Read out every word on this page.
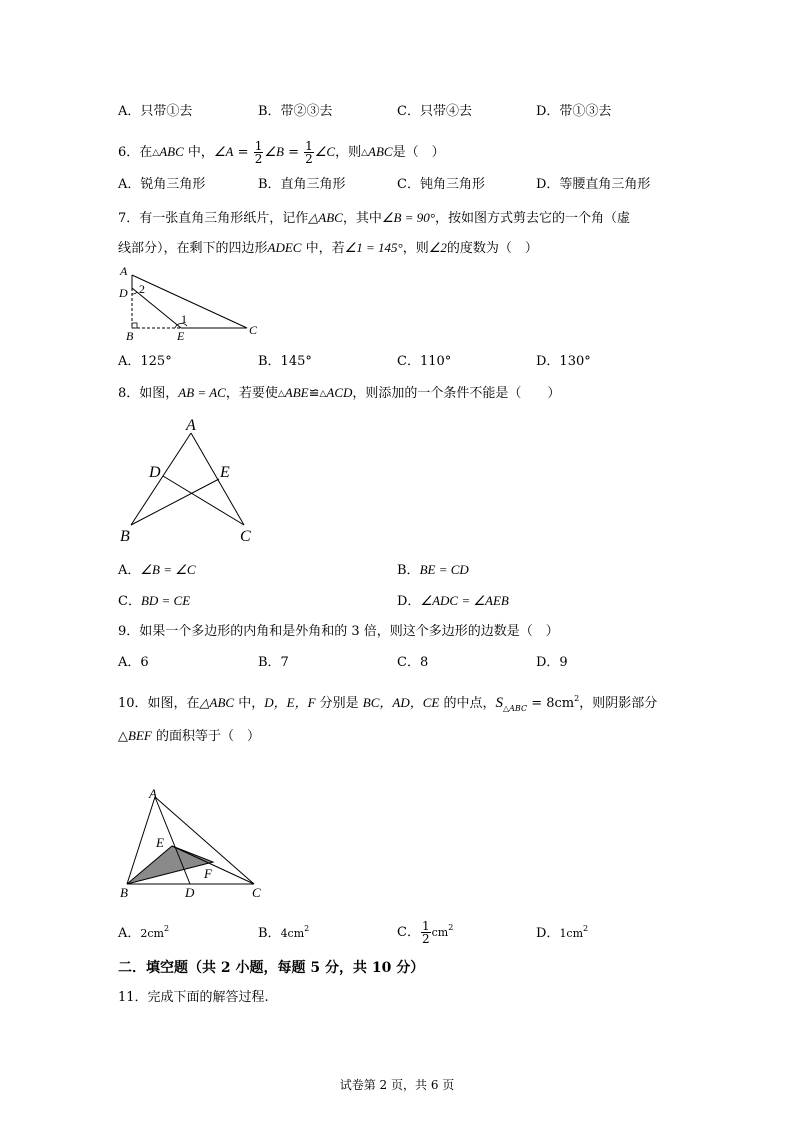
A．只带①去	B．带②③去	C．只带④去	D．带①③去
6．在△ABC 中，∠A = $\frac{1}{2}$ ∠B = $\frac{1}{2}$ ∠C，则△ABC是（　）
A．锐角三角形	B．直角三角形	C．钝角三角形	D．等腰直角三角形
7．有一张直角三角形纸片，记作△ABC，其中∠B = 90°，按如图方式剪去它的一个角（虚
线部分），在剩下的四边形ADEC 中，若∠1 = 145°，则∠2的度数为（　）
A
D 2
1
B	E	C
A．125°	B．145°	C．110°	D．130°
8．如图，AB = AC，若要使△ABE≌△ACD，则添加的一个条件不能是（　　）
A
D	E
B	C
A．∠B = ∠C	B．BE = CD
C．BD = CE	D．∠ADC = ∠AEB
9．如果一个多边形的内角和是外角和的 3 倍，则这个多边形的边数是（　）
A．6	B．7	C．8	D．9
10．如图，在△ABC 中，D，E，F 分别是 BC，AD，CE 的中点，$S_{\triangle ABC} = 8cm^2$，则阴影部分
△BEF 的面积等于（　）
A
E
F
B	D	C
A．$2cm^2$	B．$4cm^2$	C． $\frac{1}{2} cm^2$	D．$1cm^2$
二．填空题（共 2 小题，每题 5 分，共 10 分）
11．完成下面的解答过程.
试卷第 2 页，共 6 页
